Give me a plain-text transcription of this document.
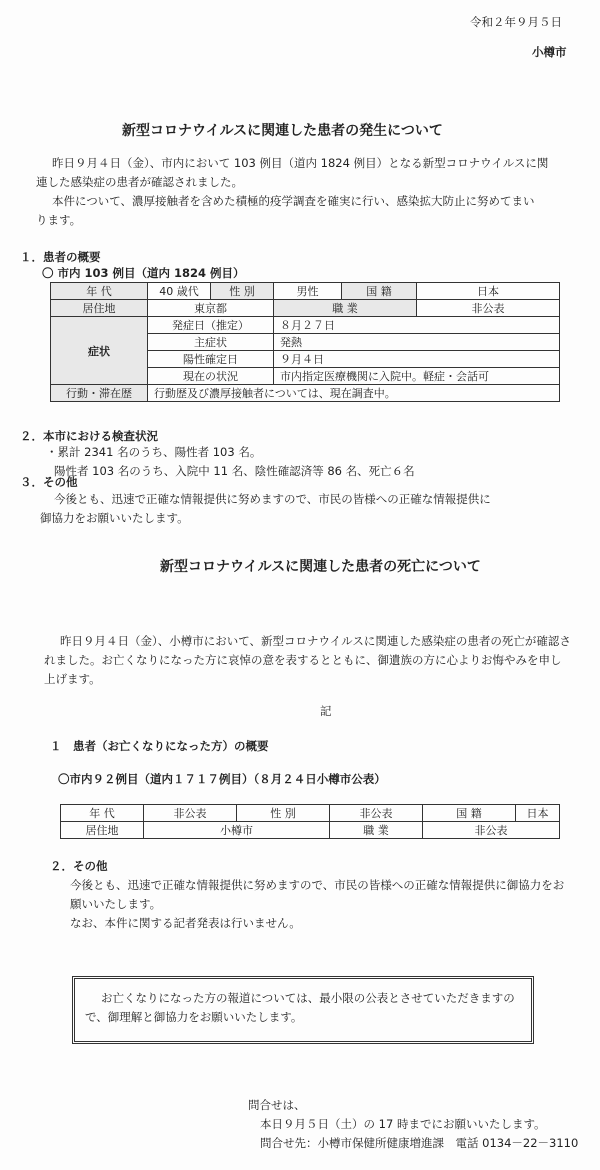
令和２年９月５日
小樽市
新型コロナウイルスに関連した患者の発生について
昨日９月４日（金）、市内において 103 例目（道内 1824 例目）となる新型コロナウイルスに関
連した感染症の患者が確認されました。
本件について、濃厚接触者を含めた積極的疫学調査を確実に行い、感染拡大防止に努めてまい
ります。
１．患者の概要
〇 市内 103 例目（道内 1824 例目）
年 代	40 歳代	性 別	男性	国 籍	日本
居住地	東京都		職 業		非公表
症状	発症日（推定）		８月２７日		
	主症状		発熱		
	陽性確定日		９月４日		
	現在の状況		市内指定医療機関に入院中。軽症・会話可		
行動・滞在歴	行動歴及び濃厚接触者については、現在調査中。				
２．本市における検査状況
・累計 2341 名のうち、陽性者 103 名。
陽性者 103 名のうち、入院中 11 名、陰性確認済等 86 名、死亡６名
３．その他
今後とも、迅速で正確な情報提供に努めますので、市民の皆様への正確な情報提供に
御協力をお願いいたします。
新型コロナウイルスに関連した患者の死亡について
昨日９月４日（金）、小樽市において、新型コロナウイルスに関連した感染症の患者の死亡が確認さ
れました。お亡くなりになった方に哀悼の意を表するとともに、御遺族の方に心よりお悔やみを申し
上げます。
記
１　患者（お亡くなりになった方）の概要
〇市内９２例目（道内１７１７例目）（８月２４日小樽市公表）
年 代	非公表	性 別	非公表	国 籍	日本
居住地	小樽市		職 業	非公表	
２．その他
今後とも、迅速で正確な情報提供に努めますので、市民の皆様への正確な情報提供に御協力をお
願いいたします。
なお、本件に関する記者発表は行いません。
お亡くなりになった方の報道については、最小限の公表とさせていただきますの
で、御理解と御協力をお願いいたします。
問合せは、
本日９月５日（土）の 17 時までにお願いいたします。
問合せ先：小樽市保健所健康増進課　電話 0134－22－3110
